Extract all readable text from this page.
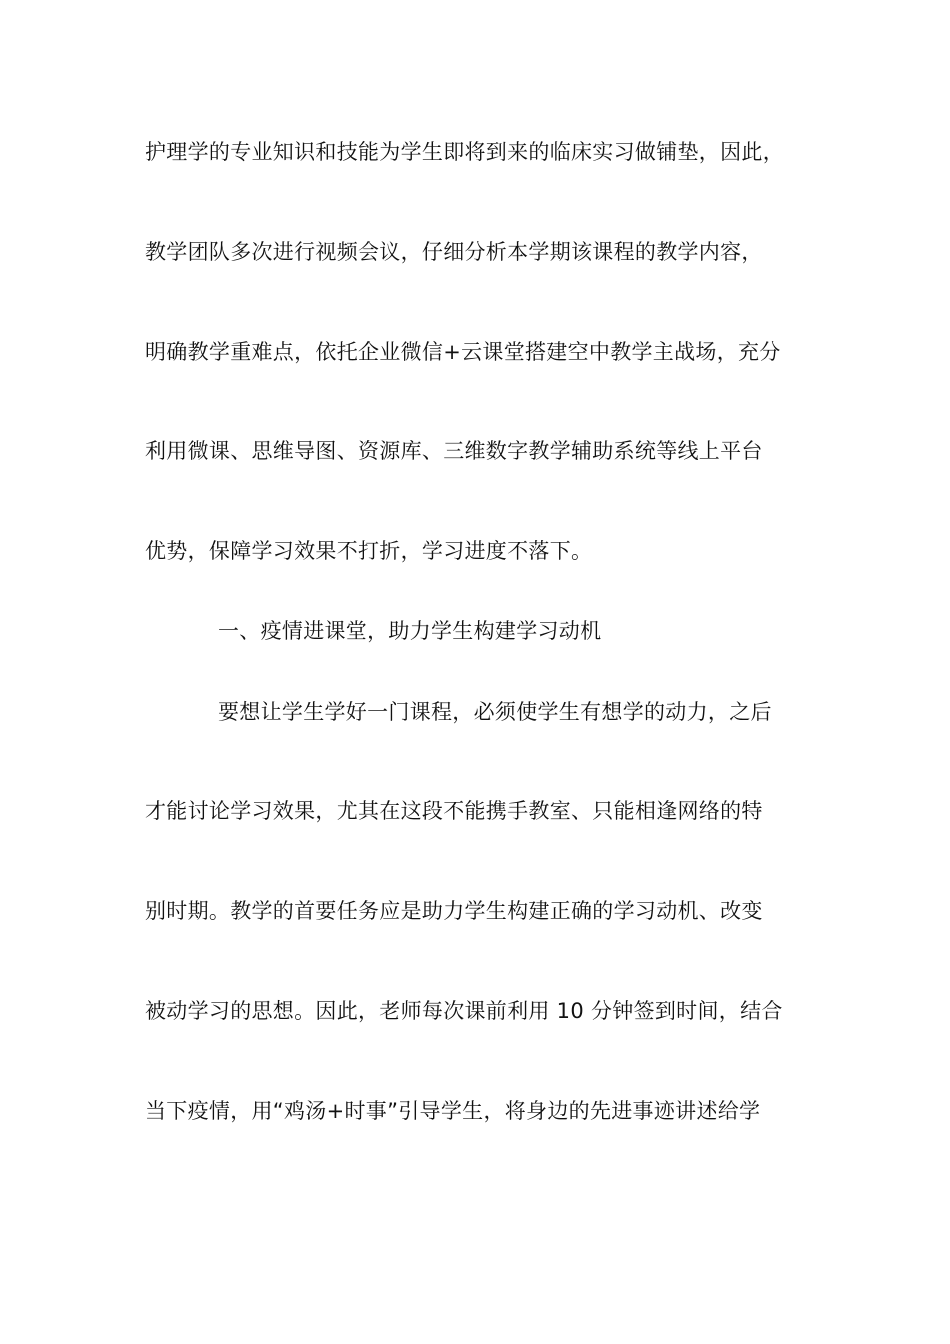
护理学的专业知识和技能为学生即将到来的临床实习做铺垫，因此，
教学团队多次进行视频会议，仔细分析本学期该课程的教学内容，
明确教学重难点，依托企业微信+云课堂搭建空中教学主战场，充分
利用微课、思维导图、资源库、三维数字教学辅助系统等线上平台
优势，保障学习效果不打折，学习进度不落下。
一、疫情进课堂，助力学生构建学习动机
要想让学生学好一门课程，必须使学生有想学的动力，之后
才能讨论学习效果，尤其在这段不能携手教室、只能相逢网络的特
别时期。教学的首要任务应是助力学生构建正确的学习动机、改变
被动学习的思想。因此，老师每次课前利用 10 分钟签到时间，结合
当下疫情，用“鸡汤+时事”引导学生，将身边的先进事迹讲述给学
